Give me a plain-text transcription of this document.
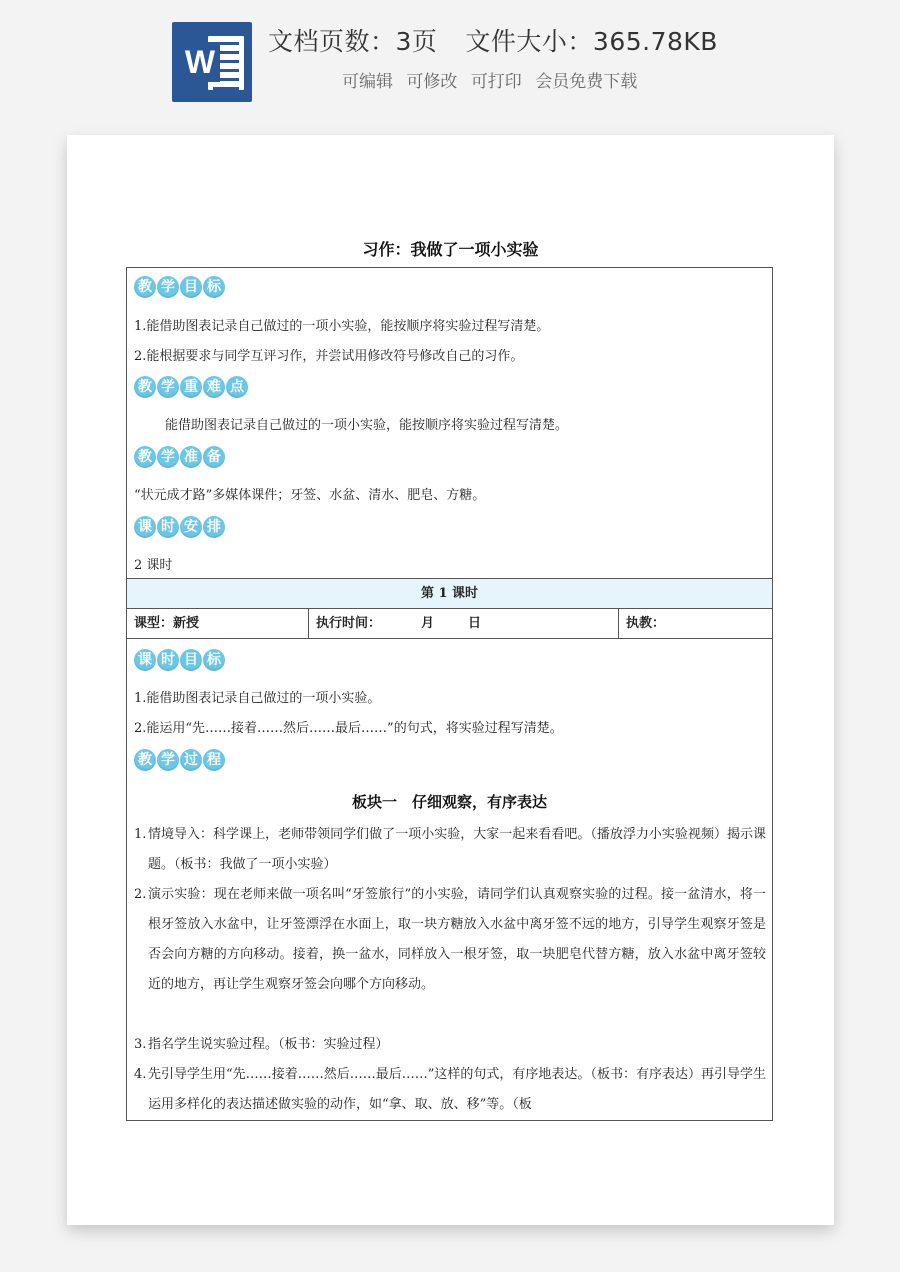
W
文档页数：3页 文件大小：365.78KB
可编辑 可修改 可打印 会员免费下载
习作：我做了一项小实验
教 学 目 标
1.能借助图表记录自己做过的一项小实验，能按顺序将实验过程写清楚。
2.能根据要求与同学互评习作，并尝试用修改符号修改自己的习作。
教 学 重 难 点
能借助图表记录自己做过的一项小实验，能按顺序将实验过程写清楚。
教 学 准 备
“状元成才路”多媒体课件；牙签、水盆、清水、肥皂、方糖。
课 时 安 排
2 课时
第 1 课时
课型：新授	执行时间：	月	日	执教：
课 时 目 标
1.能借助图表记录自己做过的一项小实验。
2.能运用“先……接着……然后……最后……”的句式，将实验过程写清楚。
教 学 过 程
板块一　仔细观察，有序表达
1. 情境导入：科学课上，老师带领同学们做了一项小实验，大家一起来看看吧。（播放浮力小实验视频）揭示课题。（板书：我做了一项小实验）
2. 演示实验：现在老师来做一项名叫“牙签旅行”的小实验，请同学们认真观察实验的过程。接一盆清水，将一根牙签放入水盆中，让牙签漂浮在水面上，取一块方糖放入水盆中离牙签不远的地方，引导学生观察牙签是否会向方糖的方向移动。接着，换一盆水，同样放入一根牙签，取一块肥皂代替方糖，放入水盆中离牙签较近的地方，再让学生观察牙签会向哪个方向移动。
3. 指名学生说实验过程。（板书：实验过程）
4. 先引导学生用“先……接着……然后……最后……”这样的句式，有序地表达。（板书：有序表达）再引导学生运用多样化的表达描述做实验的动作，如“拿、取、放、移”等。（板
